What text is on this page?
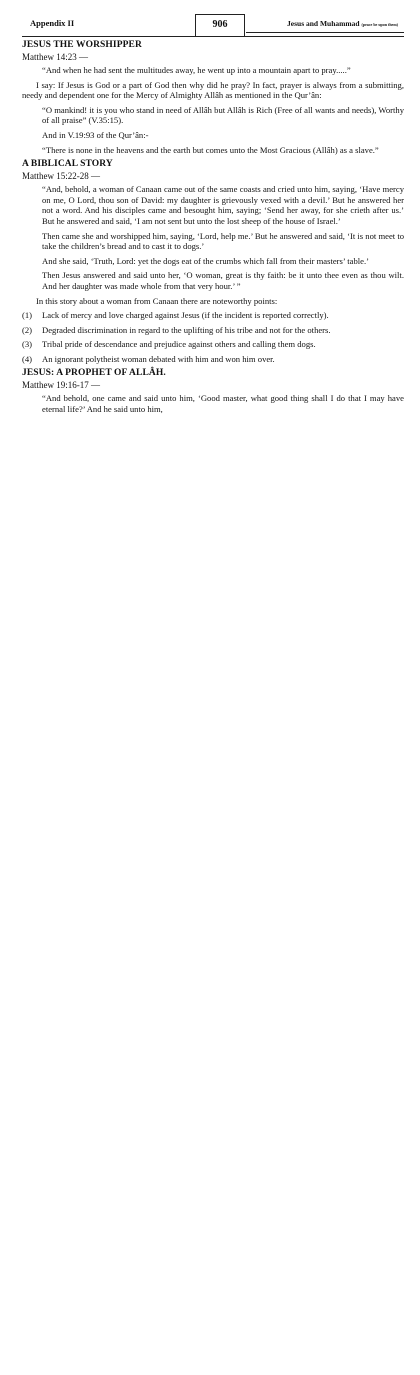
Appendix II	906	Jesus and Muhammad (peace be upon them)
JESUS THE WORSHIPPER
Matthew 14:23 —

“And when he had sent the multitudes away, he went up into a mountain apart to pray.....”

I say: If Jesus is God or a part of God then why did he pray? In fact, prayer is always from a submitting, needy and dependent one for the Mercy of Almighty Allâh as mentioned in the Qur’ân:

“O mankind! it is you who stand in need of Allâh but Allâh is Rich (Free of all wants and needs), Worthy of all praise” (V.35:15).

And in V.19:93 of the Qur’ân:-

“There is none in the heavens and the earth but comes unto the Most Gracious (Allâh) as a slave.”

A BIBLICAL STORY
Matthew 15:22-28 —

“And, behold, a woman of Canaan came out of the same coasts and cried unto him, saying, ‘Have mercy on me, O Lord, thou son of David: my daughter is grievously vexed with a devil.’ But he answered her not a word. And his disciples came and besought him, saying; ‘Send her away, for she crieth after us.’ But he answered and said, ‘I am not sent but unto the lost sheep of the house of Israel.’

Then came she and worshipped him, saying, ‘Lord, help me.’ But he answered and said, ‘It is not meet to take the children’s bread and to cast it to dogs.’

And she said, ‘Truth, Lord: yet the dogs eat of the crumbs which fall from their masters’ table.’

Then Jesus answered and said unto her, ‘O woman, great is thy faith: be it unto thee even as thou wilt. And her daughter was made whole from that very hour.’ ”

In this story about a woman from Canaan there are noteworthy points:

(1) Lack of mercy and love charged against Jesus (if the incident is reported correctly).
(2) Degraded discrimination in regard to the uplifting of his tribe and not for the others.
(3) Tribal pride of descendance and prejudice against others and calling them dogs.
(4) An ignorant polytheist woman debated with him and won him over.
JESUS: A PROPHET OF ALLÂH.
Matthew 19:16-17 —

“And behold, one came and said unto him, ‘Good master, what good thing shall I do that I may have eternal life?’ And he said unto him,
